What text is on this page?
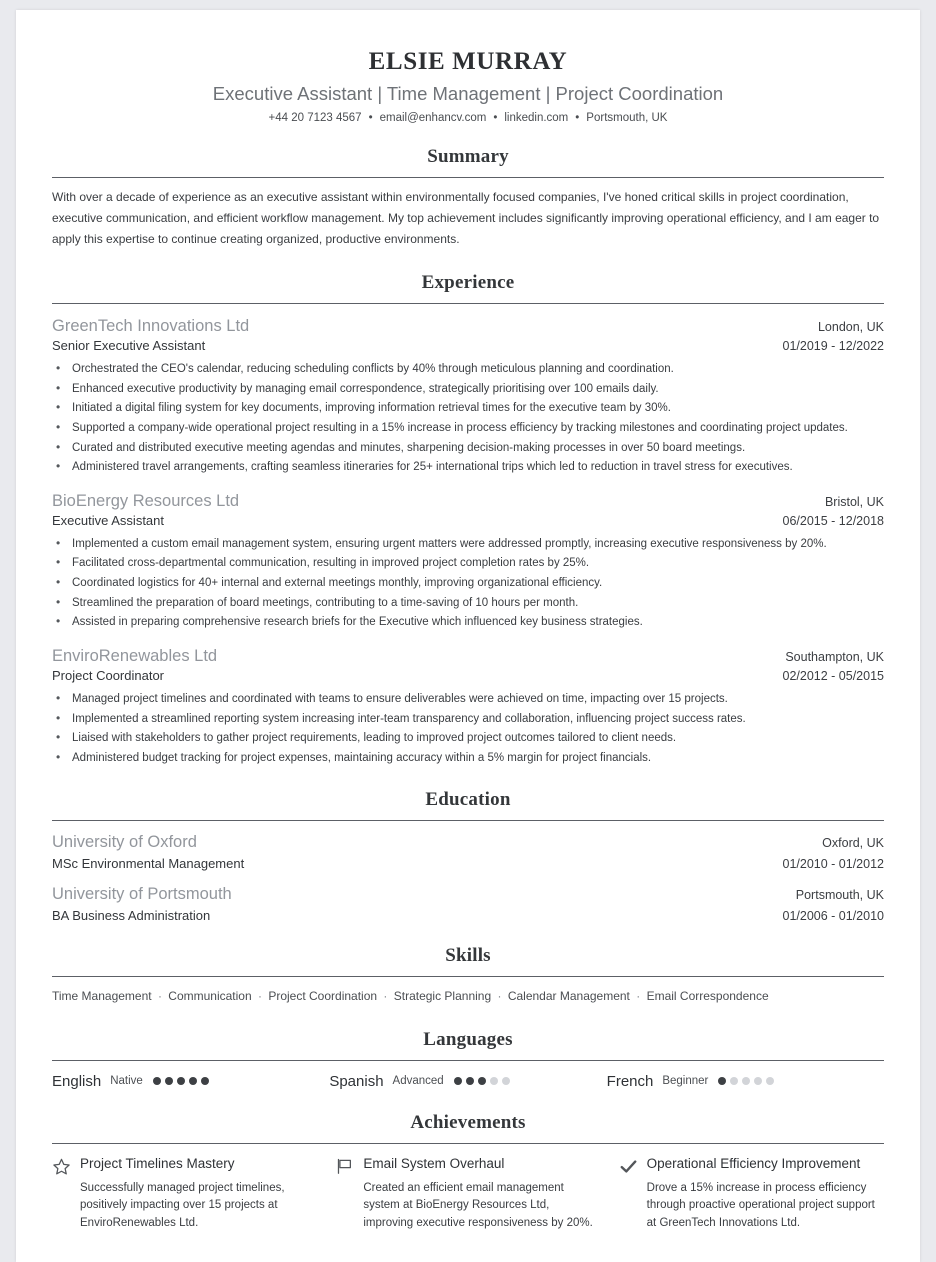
ELSIE MURRAY
Executive Assistant | Time Management | Project Coordination
+44 20 7123 4567 • email@enhancv.com • linkedin.com • Portsmouth, UK
Summary
With over a decade of experience as an executive assistant within environmentally focused companies, I've honed critical skills in project coordination, executive communication, and efficient workflow management. My top achievement includes significantly improving operational efficiency, and I am eager to apply this expertise to continue creating organized, productive environments.
Experience
GreenTech Innovations Ltd	London, UK
Senior Executive Assistant	01/2019 - 12/2022
• Orchestrated the CEO's calendar, reducing scheduling conflicts by 40% through meticulous planning and coordination.
• Enhanced executive productivity by managing email correspondence, strategically prioritising over 100 emails daily.
• Initiated a digital filing system for key documents, improving information retrieval times for the executive team by 30%.
• Supported a company-wide operational project resulting in a 15% increase in process efficiency by tracking milestones and coordinating project updates.
• Curated and distributed executive meeting agendas and minutes, sharpening decision-making processes in over 50 board meetings.
• Administered travel arrangements, crafting seamless itineraries for 25+ international trips which led to reduction in travel stress for executives.
BioEnergy Resources Ltd	Bristol, UK
Executive Assistant	06/2015 - 12/2018
• Implemented a custom email management system, ensuring urgent matters were addressed promptly, increasing executive responsiveness by 20%.
• Facilitated cross-departmental communication, resulting in improved project completion rates by 25%.
• Coordinated logistics for 40+ internal and external meetings monthly, improving organizational efficiency.
• Streamlined the preparation of board meetings, contributing to a time-saving of 10 hours per month.
• Assisted in preparing comprehensive research briefs for the Executive which influenced key business strategies.
EnviroRenewables Ltd	Southampton, UK
Project Coordinator	02/2012 - 05/2015
• Managed project timelines and coordinated with teams to ensure deliverables were achieved on time, impacting over 15 projects.
• Implemented a streamlined reporting system increasing inter-team transparency and collaboration, influencing project success rates.
• Liaised with stakeholders to gather project requirements, leading to improved project outcomes tailored to client needs.
• Administered budget tracking for project expenses, maintaining accuracy within a 5% margin for project financials.
Education
University of Oxford	Oxford, UK
MSc Environmental Management	01/2010 - 01/2012
University of Portsmouth	Portsmouth, UK
BA Business Administration	01/2006 - 01/2010
Skills
Time Management · Communication · Project Coordination · Strategic Planning · Calendar Management · Email Correspondence
Languages
English Native	Spanish Advanced	French Beginner
Achievements
Project Timelines Mastery
Successfully managed project timelines, positively impacting over 15 projects at EnviroRenewables Ltd.
Email System Overhaul
Created an efficient email management system at BioEnergy Resources Ltd, improving executive responsiveness by 20%.
Operational Efficiency Improvement
Drove a 15% increase in process efficiency through proactive operational project support at GreenTech Innovations Ltd.
